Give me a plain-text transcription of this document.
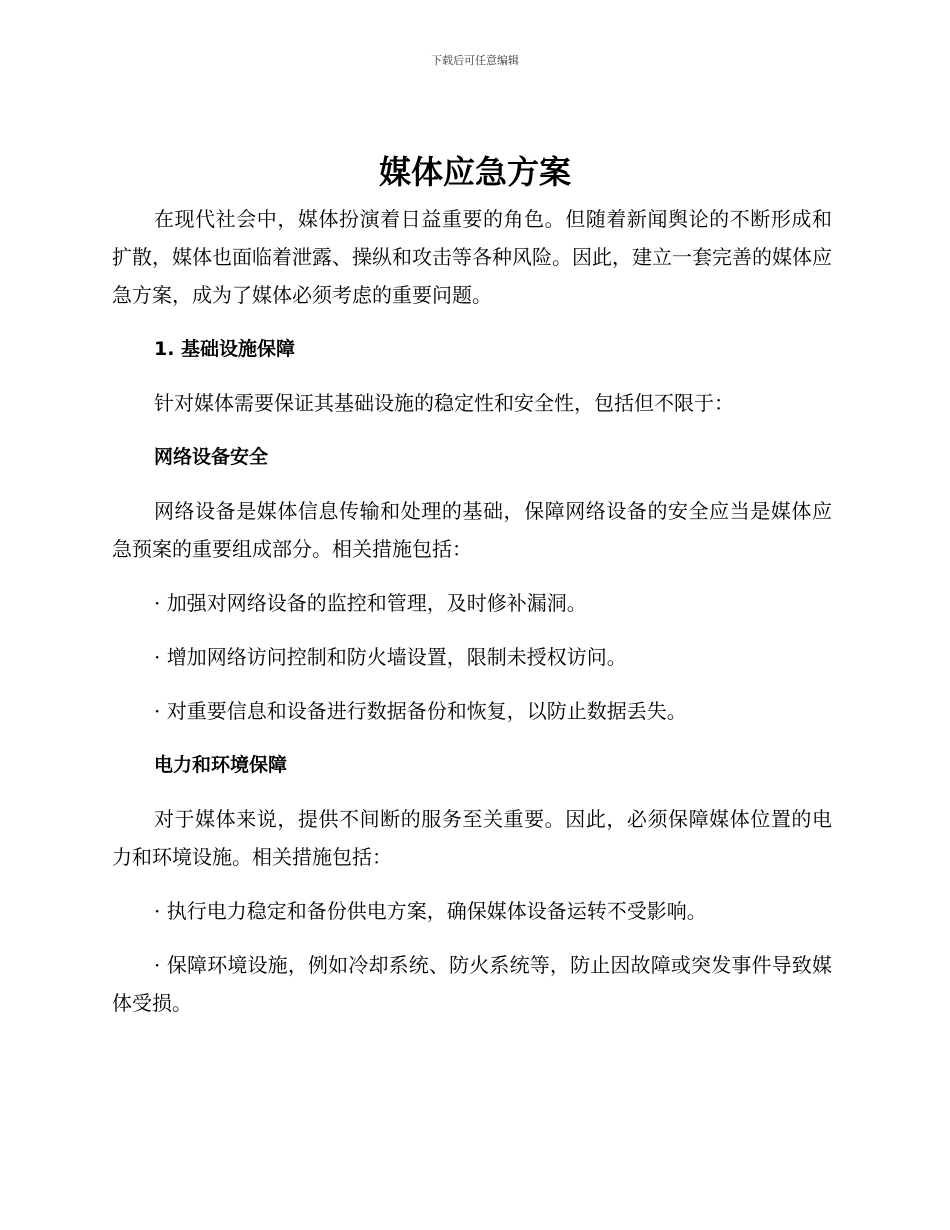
下载后可任意编辑
媒体应急方案

在现代社会中，媒体扮演着日益重要的角色。但随着新闻舆论的不断形成和扩散，媒体也面临着泄露、操纵和攻击等各种风险。因此，建立一套完善的媒体应急方案，成为了媒体必须考虑的重要问题。

1. 基础设施保障

针对媒体需要保证其基础设施的稳定性和安全性，包括但不限于：

网络设备安全

网络设备是媒体信息传输和处理的基础，保障网络设备的安全应当是媒体应急预案的重要组成部分。相关措施包括：

· 加强对网络设备的监控和管理，及时修补漏洞。

· 增加网络访问控制和防火墙设置，限制未授权访问。

· 对重要信息和设备进行数据备份和恢复，以防止数据丢失。

电力和环境保障

对于媒体来说，提供不间断的服务至关重要。因此，必须保障媒体位置的电力和环境设施。相关措施包括：

· 执行电力稳定和备份供电方案，确保媒体设备运转不受影响。

· 保障环境设施，例如冷却系统、防火系统等，防止因故障或突发事件导致媒体受损。
